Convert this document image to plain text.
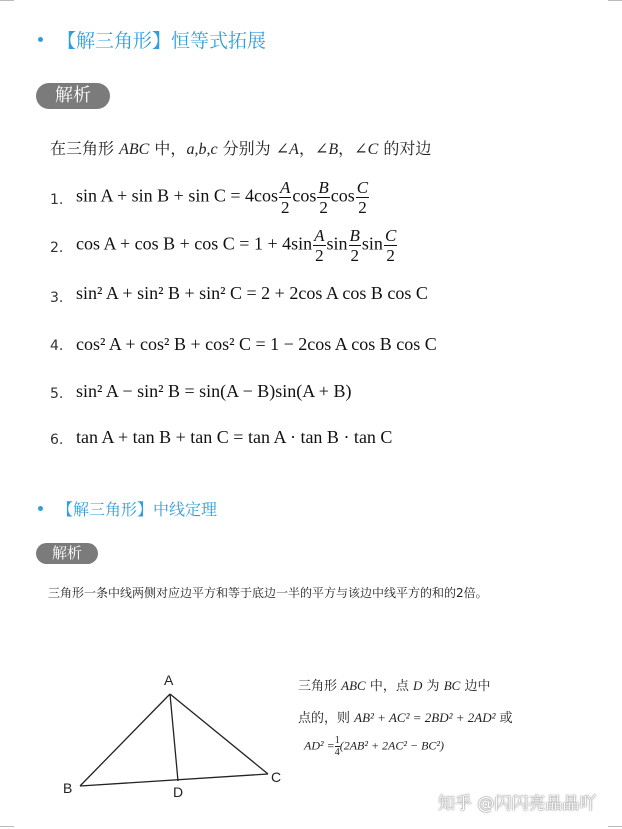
【解三角形】恒等式拓展
解析
在三角形 ABC 中，a,b,c 分别为 ∠A，∠B，∠C 的对边
1. $\sin A + \sin B + \sin C = 4\cos \frac{A}{2}$ $\cos \frac{B}{2}$ $\cos \frac{C}{2}$
2. $\cos A + \cos B + \cos C = 1 + 4\sin \frac{A}{2}$ $\sin \frac{B}{2}$ $\sin \frac{C}{2}$
3. sin² A + sin² B + sin² C = 2 + 2cos A cos B cos C
4. cos² A + cos² B + cos² C = 1 − 2cos A cos B cos C
5. sin² A − sin² B = sin(A − B)sin(A + B)
6. tan A + tan B + tan C = tan A · tan B · tan C
【解三角形】中线定理
解析
三角形一条中线两侧对应边平方和等于底边一半的平方与该边中线平方的和的2倍。
A
B
C
D
三角形 ABC 中，点 D 为 BC 边中
点的，则 AB² + AC² = 2BD² + 2AD² 或
$AD^2 = \frac{1}{4} (2AB^2 + 2AC^2 - BC^2)$
知乎 @闪闪亮晶晶吖
